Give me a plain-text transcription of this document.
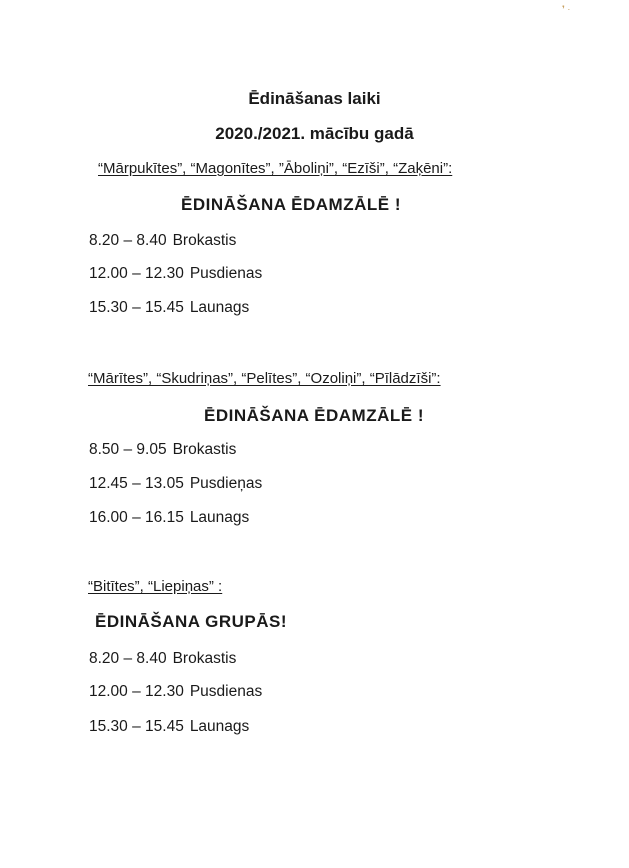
❜ ·
Ēdināšanas laiki
2020./2021. mācību gadā
“Mārpukītes”, “Magonītes”, ”Āboliņi”, “Ezīši”, “Zaķēni”:
ĒDINĀŠANA ĒDAMZĀLĒ !
8.20 – 8.40 Brokastis
12.00 – 12.30 Pusdienas
15.30 – 15.45 Launags
“Mārītes”, “Skudriņas”, “Pelītes”, “Ozoliņi”, “Pīlādzīši”:
ĒDINĀŠANA ĒDAMZĀLĒ !
8.50 – 9.05 Brokastis
12.45 – 13.05 Pusdieņas
16.00 – 16.15 Launags
“Bitītes”, “Liepiņas” :
ĒDINĀŠANA GRUPĀS!
8.20 – 8.40 Brokastis
12.00 – 12.30 Pusdienas
15.30 – 15.45 Launags
